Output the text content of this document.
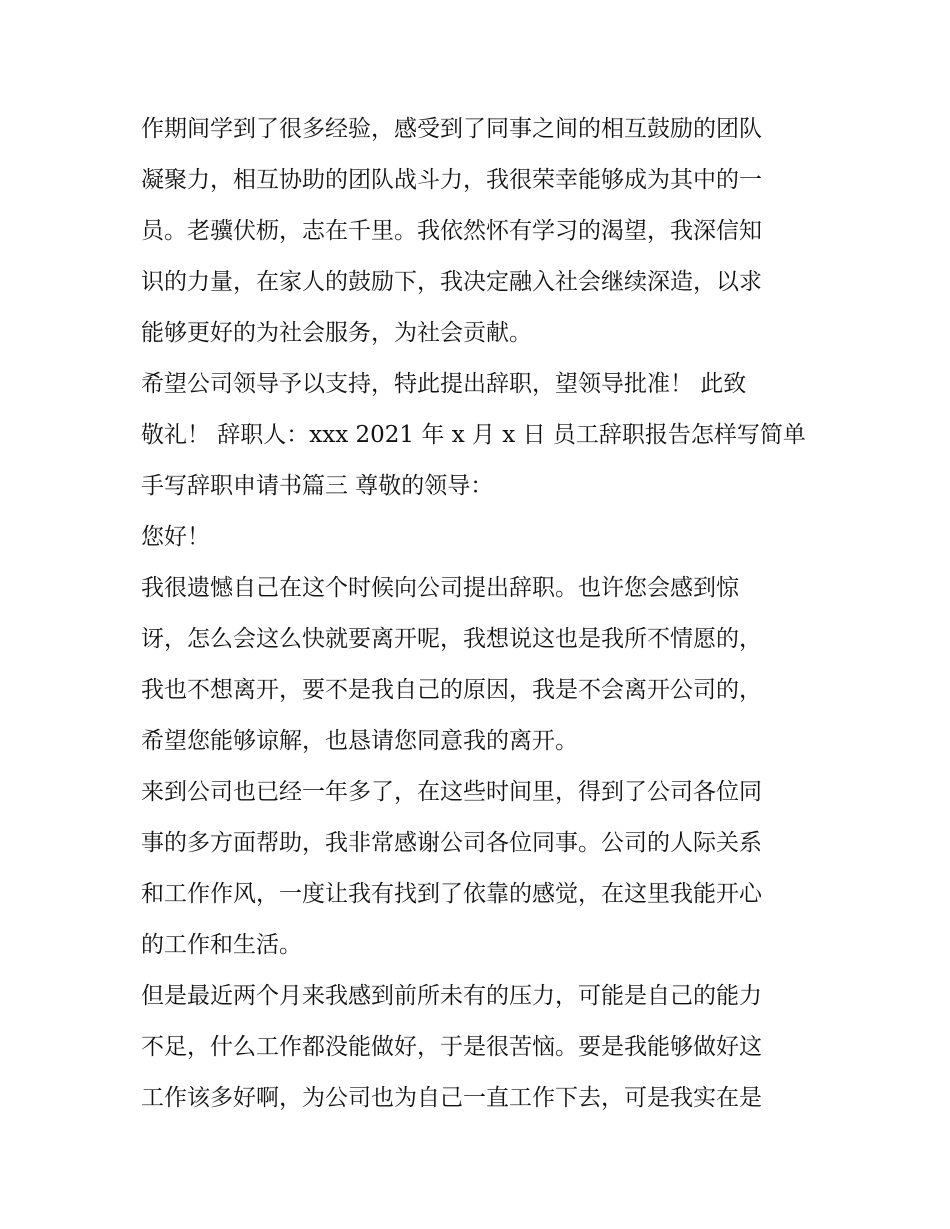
作期间学到了很多经验，感受到了同事之间的相互鼓励的团队
凝聚力，相互协助的团队战斗力，我很荣幸能够成为其中的一
员。老骥伏枥，志在千里。我依然怀有学习的渴望，我深信知
识的力量，在家人的鼓励下，我决定融入社会继续深造，以求
能够更好的为社会服务，为社会贡献。
希望公司领导予以支持，特此提出辞职，望领导批准！ 此致
敬礼！ 辞职人：xxx 2021 年 x 月 x 日 员工辞职报告怎样写简单
手写辞职申请书篇三 尊敬的领导：
您好！
我很遗憾自己在这个时候向公司提出辞职。也许您会感到惊
讶，怎么会这么快就要离开呢，我想说这也是我所不情愿的，
我也不想离开，要不是我自己的原因，我是不会离开公司的，
希望您能够谅解，也恳请您同意我的离开。
来到公司也已经一年多了，在这些时间里，得到了公司各位同
事的多方面帮助，我非常感谢公司各位同事。公司的人际关系
和工作作风，一度让我有找到了依靠的感觉，在这里我能开心
的工作和生活。
但是最近两个月来我感到前所未有的压力，可能是自己的能力
不足，什么工作都没能做好，于是很苦恼。要是我能够做好这
工作该多好啊，为公司也为自己一直工作下去，可是我实在是
